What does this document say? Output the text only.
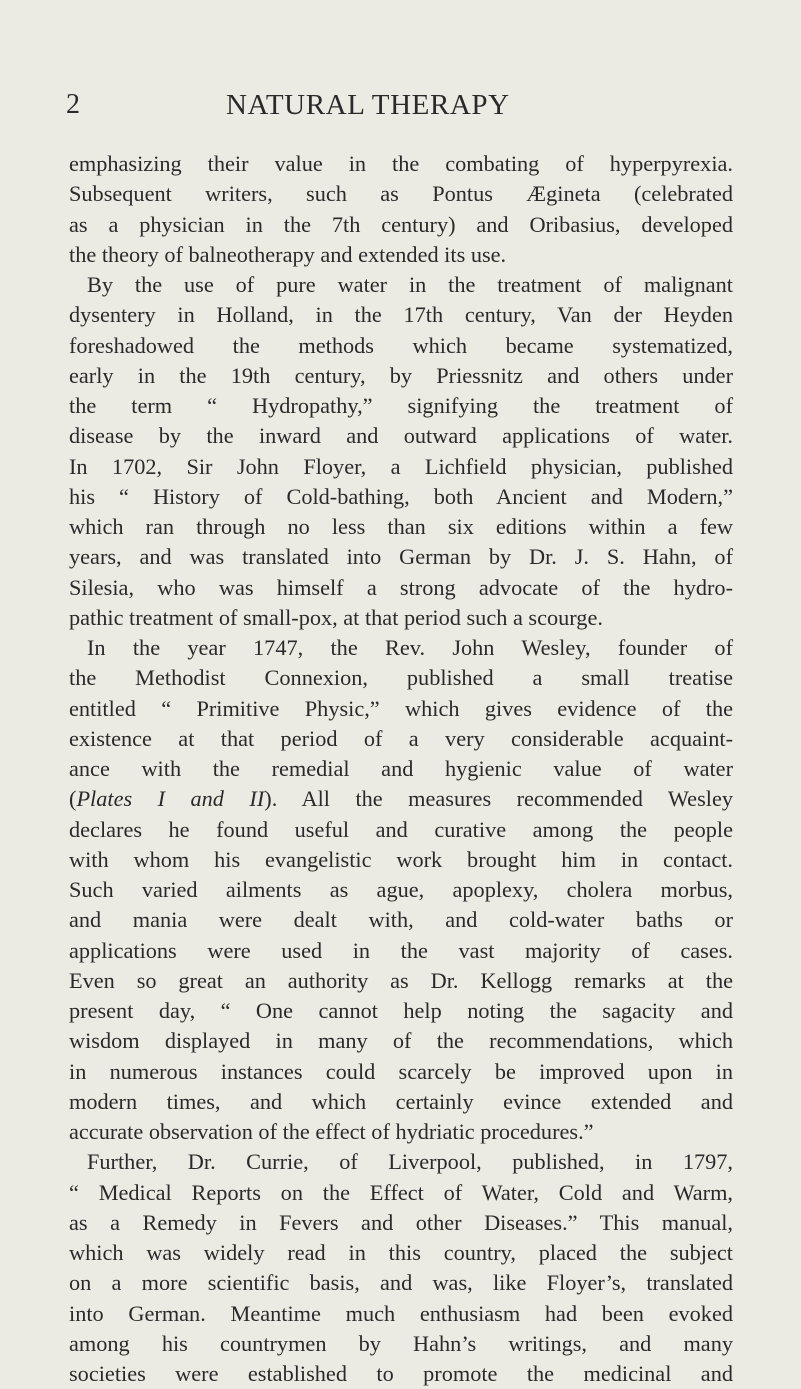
2	NATURAL THERAPY
emphasizing their value in the combating of hyperpyrexia.
Subsequent writers, such as Pontus Ægineta (celebrated
as a physician in the 7th century) and Oribasius, developed
the theory of balneotherapy and extended its use.
By the use of pure water in the treatment of malignant
dysentery in Holland, in the 17th century, Van der Heyden
foreshadowed the methods which became systematized,
early in the 19th century, by Priessnitz and others under
the term “ Hydropathy,” signifying the treatment of
disease by the inward and outward applications of water.
In 1702, Sir John Floyer, a Lichfield physician, published
his “ History of Cold-bathing, both Ancient and Modern,”
which ran through no less than six editions within a few
years, and was translated into German by Dr. J. S. Hahn, of
Silesia, who was himself a strong advocate of the hydro-
pathic treatment of small-pox, at that period such a scourge.
In the year 1747, the Rev. John Wesley, founder of
the Methodist Connexion, published a small treatise
entitled “ Primitive Physic,” which gives evidence of the
existence at that period of a very considerable acquaint-
ance with the remedial and hygienic value of water
(Plates I and II). All the measures recommended Wesley
declares he found useful and curative among the people
with whom his evangelistic work brought him in contact.
Such varied ailments as ague, apoplexy, cholera morbus,
and mania were dealt with, and cold-water baths or
applications were used in the vast majority of cases.
Even so great an authority as Dr. Kellogg remarks at the
present day, “ One cannot help noting the sagacity and
wisdom displayed in many of the recommendations, which
in numerous instances could scarcely be improved upon in
modern times, and which certainly evince extended and
accurate observation of the effect of hydriatic procedures.”
Further, Dr. Currie, of Liverpool, published, in 1797,
“ Medical Reports on the Effect of Water, Cold and Warm,
as a Remedy in Fevers and other Diseases.” This manual,
which was widely read in this country, placed the subject
on a more scientific basis, and was, like Floyer’s, translated
into German. Meantime much enthusiasm had been evoked
among his countrymen by Hahn’s writings, and many
societies were established to promote the medicinal and
